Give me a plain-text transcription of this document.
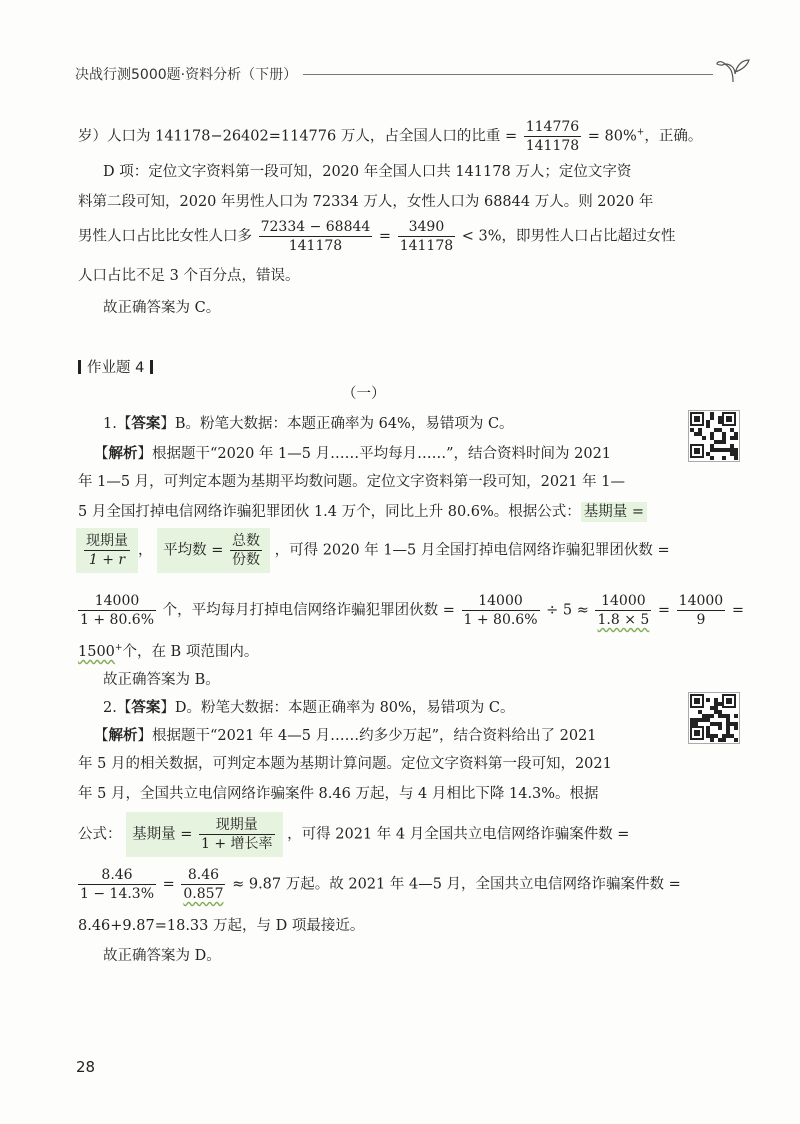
决战行测5000题·资料分析（下册）
岁）人口为 141178−26402=114776 万人，占全国人口的比重 = $\frac{114776}{141178} = 80\%^+$，正确。
D 项：定位文字资料第一段可知，2020 年全国人口共 141178 万人；定位文字资
料第二段可知，2020 年男性人口为 72334 万人，女性人口为 68844 万人。则 2020 年
男性人口占比比女性人口多 $\frac{72334 - 68844}{141178} = \frac{3490}{141178} < 3\%$，即男性人口占比超过女性
人口占比不足 3 个百分点，错误。
故正确答案为 C。
作业题 4
（一）
1.【答案】B。粉笔大数据：本题正确率为 64%，易错项为 C。
【解析】根据题干“2020 年 1—5 月……平均每月……”，结合资料时间为 2021
年 1—5 月，可判定本题为基期平均数问题。定位文字资料第一段可知，2021 年 1—
5 月全国打掉电信网络诈骗犯罪团伙 1.4 万个，同比上升 80.6%。根据公式： 基期量 =
$\frac{\text{现期量}}{1 + r}$ ， 平均数 = $\frac{\text{总数}}{\text{份数}}$ ，可得 2020 年 1—5 月全国打掉电信网络诈骗犯罪团伙数 =
$\frac{14000}{1 + 80.6\%}$ 个，平均每月打掉电信网络诈骗犯罪团伙数 = $\frac{14000}{1 + 80.6\%} \div 5 \approx \frac{14000}{1.8 \times 5} = \frac{14000}{9}$ =
1500+个，在 B 项范围内。
故正确答案为 B。
2.【答案】D。粉笔大数据：本题正确率为 80%，易错项为 C。
【解析】根据题干“2021 年 4—5 月……约多少万起”，结合资料给出了 2021
年 5 月的相关数据，可判定本题为基期计算问题。定位文字资料第一段可知，2021
年 5 月，全国共立电信网络诈骗案件 8.46 万起，与 4 月相比下降 14.3%。根据
公式： 基期量 = $\frac{\text{现期量}}{\text{1 + 增长率}}$ ，可得 2021 年 4 月全国共立电信网络诈骗案件数 =
$\frac{8.46}{1 - 14.3\%} = \frac{8.46}{0.857} \approx 9.87$ 万起。故 2021 年 4—5 月，全国共立电信网络诈骗案件数 =
8.46+9.87=18.33 万起，与 D 项最接近。
故正确答案为 D。
28
